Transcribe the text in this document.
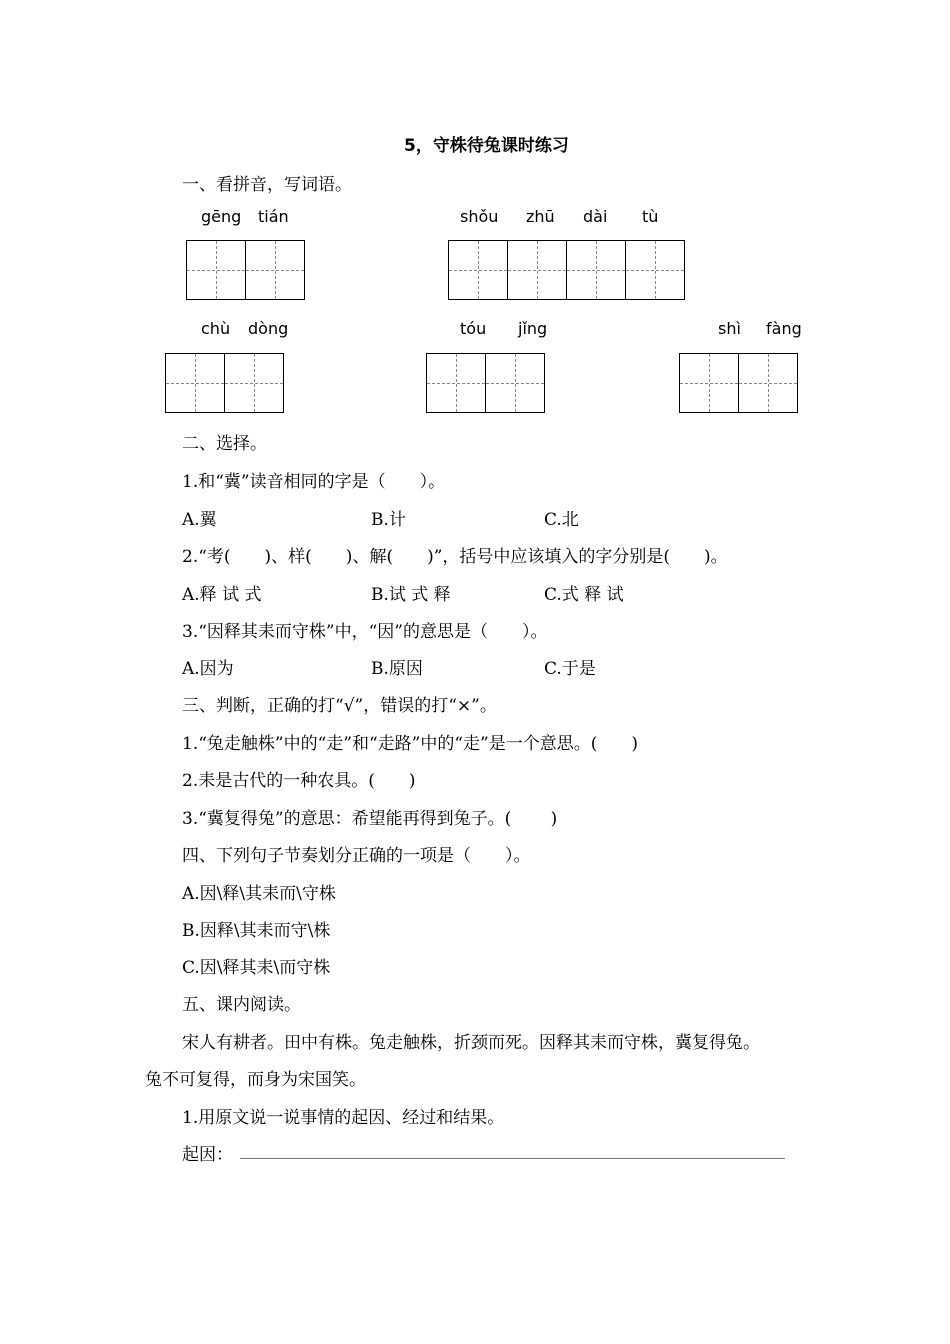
5，守株待兔课时练习
一、看拼音，写词语。
gēng tián	shǒu zhū dài tù
chù dòng	tóu jǐng	shì fàng
二、选择。
1.和“冀”读音相同的字是（　　）。
A.翼	B.计	C.北
2.“考(　　)、样(　　)、解(　　)”，括号中应该填入的字分别是(　　)。
A.释 试 式	B.试 式 释	C.式 释 试
3.“因释其耒而守株”中，“因”的意思是（　　）。
A.因为	B.原因	C.于是
三、判断，正确的打“√”，错误的打“×”。
1.“兔走触株”中的“走”和“走路”中的“走”是一个意思。(　　)
2.耒是古代的一种农具。(　　)
3.“冀复得兔”的意思：希望能再得到兔子。(　　 )
四、下列句子节奏划分正确的一项是（　　）。
A.因\释\其耒而\守株
B.因释\其耒而守\株
C.因\释其耒\而守株
五、课内阅读。
宋人有耕者。田中有株。兔走触株，折颈而死。因释其耒而守株，冀复得兔。
兔不可复得，而身为宋国笑。
1.用原文说一说事情的起因、经过和结果。
起因：
